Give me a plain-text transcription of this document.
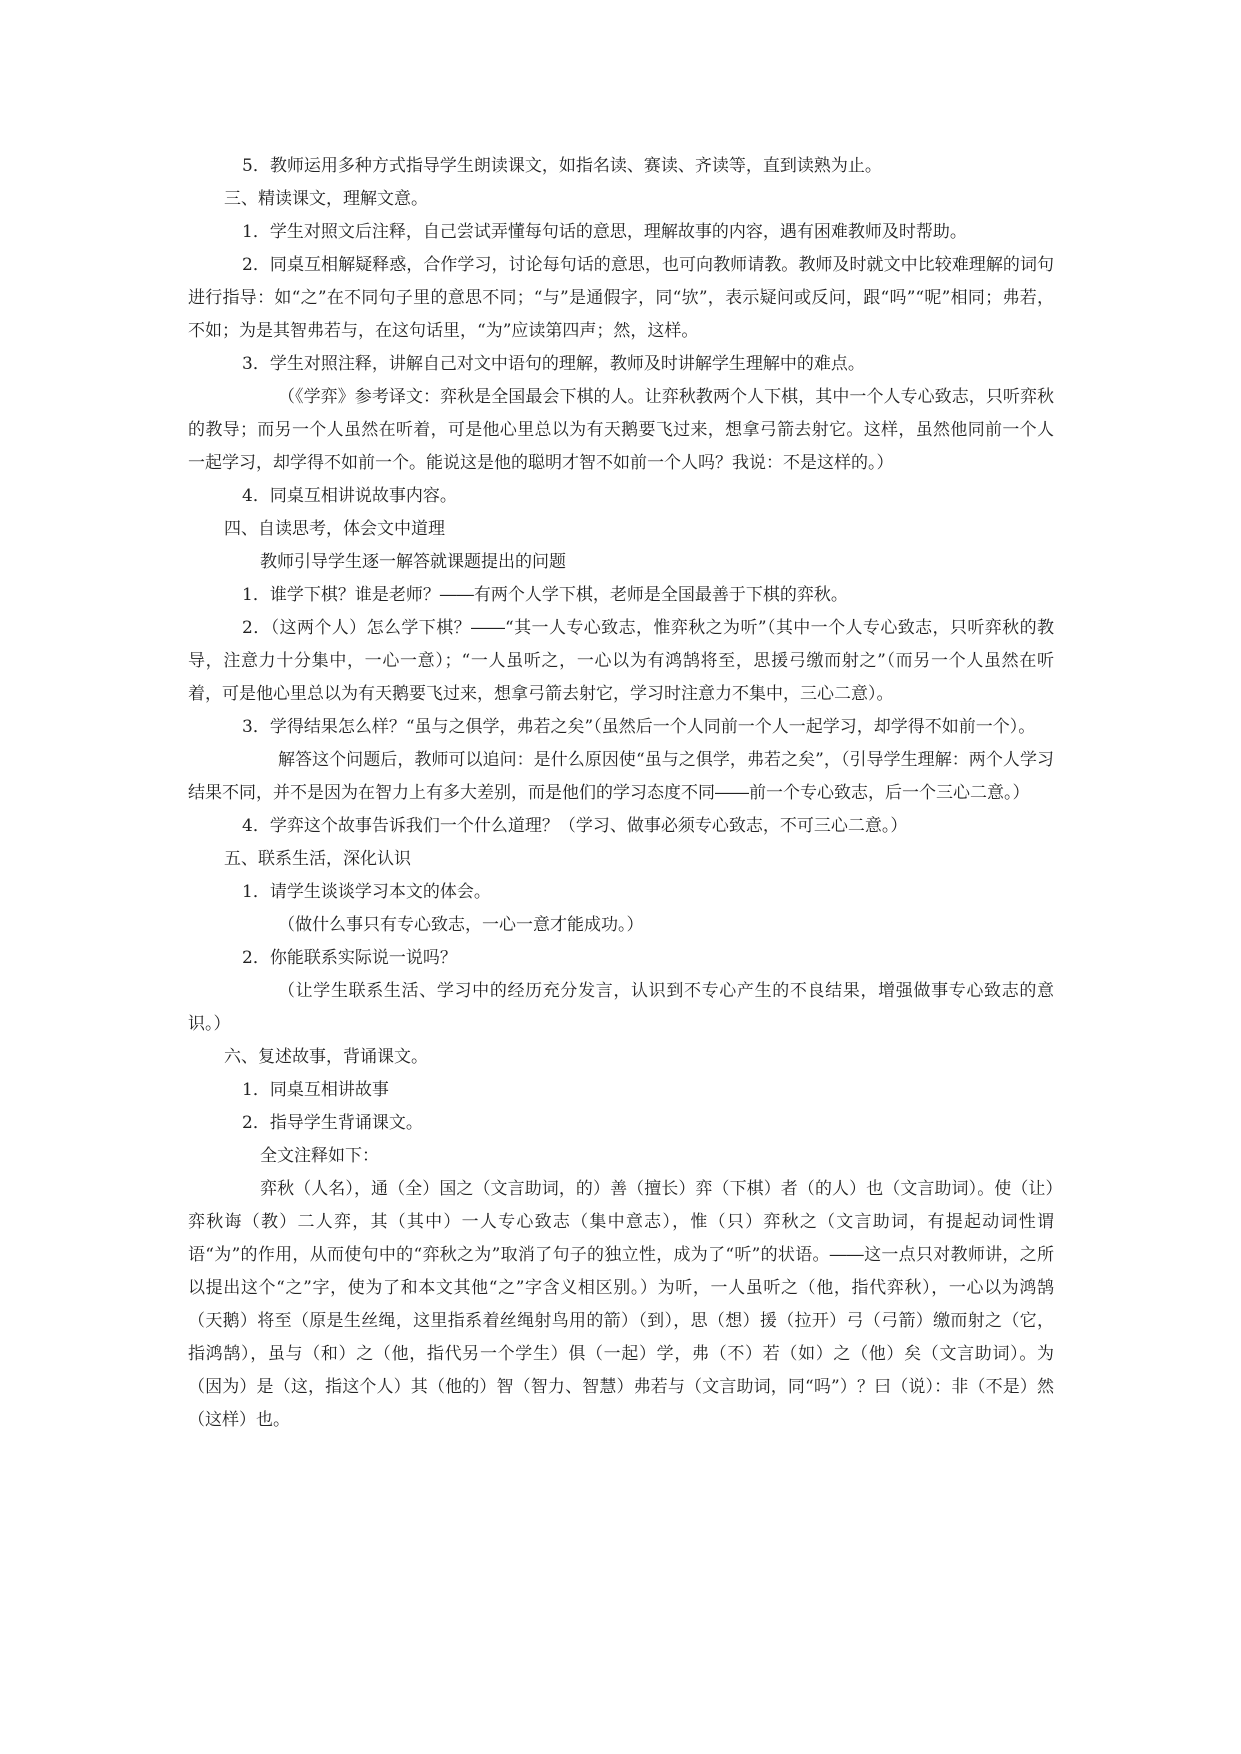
5．教师运用多种方式指导学生朗读课文，如指名读、赛读、齐读等，直到读熟为止。

三、精读课文，理解文意。

1．学生对照文后注释，自己尝试弄懂每句话的意思，理解故事的内容，遇有困难教师及时帮助。

2．同桌互相解疑释惑，合作学习，讨论每句话的意思，也可向教师请教。教师及时就文中比较难理解的词句进行指导：如“之”在不同句子里的意思不同；“与”是通假字，同“欤”，表示疑问或反问，跟“吗”“呢”相同；弗若，不如；为是其智弗若与，在这句话里，“为”应读第四声；然，这样。

3．学生对照注释，讲解自己对文中语句的理解，教师及时讲解学生理解中的难点。

（《学弈》参考译文：弈秋是全国最会下棋的人。让弈秋教两个人下棋，其中一个人专心致志，只听弈秋的教导；而另一个人虽然在听着，可是他心里总以为有天鹅要飞过来，想拿弓箭去射它。这样，虽然他同前一个人一起学习，却学得不如前一个。能说这是他的聪明才智不如前一个人吗？我说：不是这样的。）

4．同桌互相讲说故事内容。

四、自读思考，体会文中道理

教师引导学生逐一解答就课题提出的问题

1．谁学下棋？谁是老师？――有两个人学下棋，老师是全国最善于下棋的弈秋。

2．（这两个人）怎么学下棋？――“其一人专心致志，惟弈秋之为听”（其中一个人专心致志，只听弈秋的教导，注意力十分集中，一心一意）；“一人虽听之，一心以为有鸿鹄将至，思援弓缴而射之”（而另一个人虽然在听着，可是他心里总以为有天鹅要飞过来，想拿弓箭去射它，学习时注意力不集中，三心二意）。

3．学得结果怎么样？“虽与之俱学，弗若之矣”（虽然后一个人同前一个人一起学习，却学得不如前一个）。

解答这个问题后，教师可以追问：是什么原因使“虽与之俱学，弗若之矣”，（引导学生理解：两个人学习结果不同，并不是因为在智力上有多大差别，而是他们的学习态度不同――前一个专心致志，后一个三心二意。）

4．学弈这个故事告诉我们一个什么道理？（学习、做事必须专心致志，不可三心二意。）

五、联系生活，深化认识

1．请学生谈谈学习本文的体会。

（做什么事只有专心致志，一心一意才能成功。）

2．你能联系实际说一说吗？

（让学生联系生活、学习中的经历充分发言，认识到不专心产生的不良结果，增强做事专心致志的意识。）

六、复述故事，背诵课文。

1．同桌互相讲故事

2．指导学生背诵课文。

全文注释如下：

弈秋（人名），通（全）国之（文言助词，的）善（擅长）弈（下棋）者（的人）也（文言助词）。使（让）弈秋诲（教）二人弈，其（其中）一人专心致志（集中意志），惟（只）弈秋之（文言助词，有提起动词性谓语“为”的作用，从而使句中的“弈秋之为”取消了句子的独立性，成为了“听”的状语。――这一点只对教师讲，之所以提出这个“之”字，使为了和本文其他“之”字含义相区别。）为听，一人虽听之（他，指代弈秋），一心以为鸿鹄（天鹅）将至（原是生丝绳，这里指系着丝绳射鸟用的箭）（到），思（想）援（拉开）弓（弓箭）缴而射之（它，指鸿鹄），虽与（和）之（他，指代另一个学生）俱（一起）学，弗（不）若（如）之（他）矣（文言助词）。为（因为）是（这，指这个人）其（他的）智（智力、智慧）弗若与（文言助词，同“吗”）？曰（说）：非（不是）然（这样）也。
